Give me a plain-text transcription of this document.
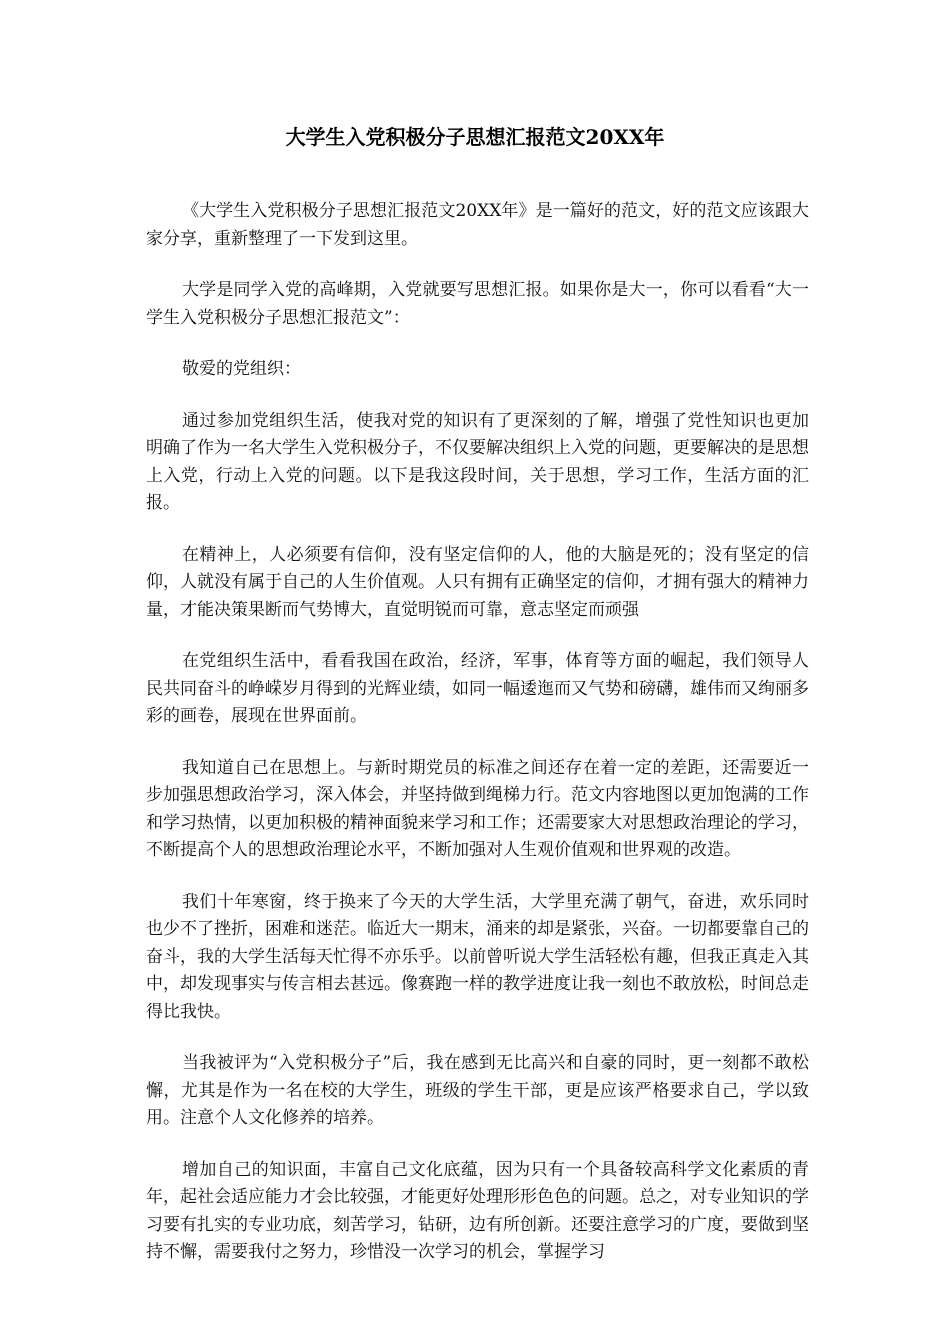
大学生入党积极分子思想汇报范文20XX年

《大学生入党积极分子思想汇报范文20XX年》是一篇好的范文，好的范文应该跟大家分享，重新整理了一下发到这里。

大学是同学入党的高峰期，入党就要写思想汇报。如果你是大一，你可以看看“大一学生入党积极分子思想汇报范文”：

敬爱的党组织：

通过参加党组织生活，使我对党的知识有了更深刻的了解，增强了党性知识也更加明确了作为一名大学生入党积极分子，不仅要解决组织上入党的问题，更要解决的是思想上入党，行动上入党的问题。以下是我这段时间，关于思想，学习工作，生活方面的汇报。

在精神上，人必须要有信仰，没有坚定信仰的人，他的大脑是死的；没有坚定的信仰，人就没有属于自己的人生价值观。人只有拥有正确坚定的信仰，才拥有强大的精神力量，才能决策果断而气势博大，直觉明锐而可靠，意志坚定而顽强

在党组织生活中，看看我国在政治，经济，军事，体育等方面的崛起，我们领导人民共同奋斗的峥嵘岁月得到的光辉业绩，如同一幅逶迤而又气势和磅礴，雄伟而又绚丽多彩的画卷，展现在世界面前。

我知道自己在思想上。与新时期党员的标准之间还存在着一定的差距，还需要近一步加强思想政治学习，深入体会，并坚持做到绳梯力行。范文内容地图以更加饱满的工作和学习热情，以更加积极的精神面貌来学习和工作；还需要家大对思想政治理论的学习，不断提高个人的思想政治理论水平，不断加强对人生观价值观和世界观的改造。

我们十年寒窗，终于换来了今天的大学生活，大学里充满了朝气，奋进，欢乐同时也少不了挫折，困难和迷茫。临近大一期末，涌来的却是紧张，兴奋。一切都要靠自己的奋斗，我的大学生活每天忙得不亦乐乎。以前曾听说大学生活轻松有趣，但我正真走入其中，却发现事实与传言相去甚远。像赛跑一样的教学进度让我一刻也不敢放松，时间总走得比我快。

当我被评为“入党积极分子”后，我在感到无比高兴和自豪的同时，更一刻都不敢松懈，尤其是作为一名在校的大学生，班级的学生干部，更是应该严格要求自己，学以致用。注意个人文化修养的培养。

增加自己的知识面，丰富自己文化底蕴，因为只有一个具备较高科学文化素质的青年，起社会适应能力才会比较强，才能更好处理形形色色的问题。总之，对专业知识的学习要有扎实的专业功底，刻苦学习，钻研，边有所创新。还要注意学习的广度，要做到坚持不懈，需要我付之努力，珍惜没一次学习的机会，掌握学习
